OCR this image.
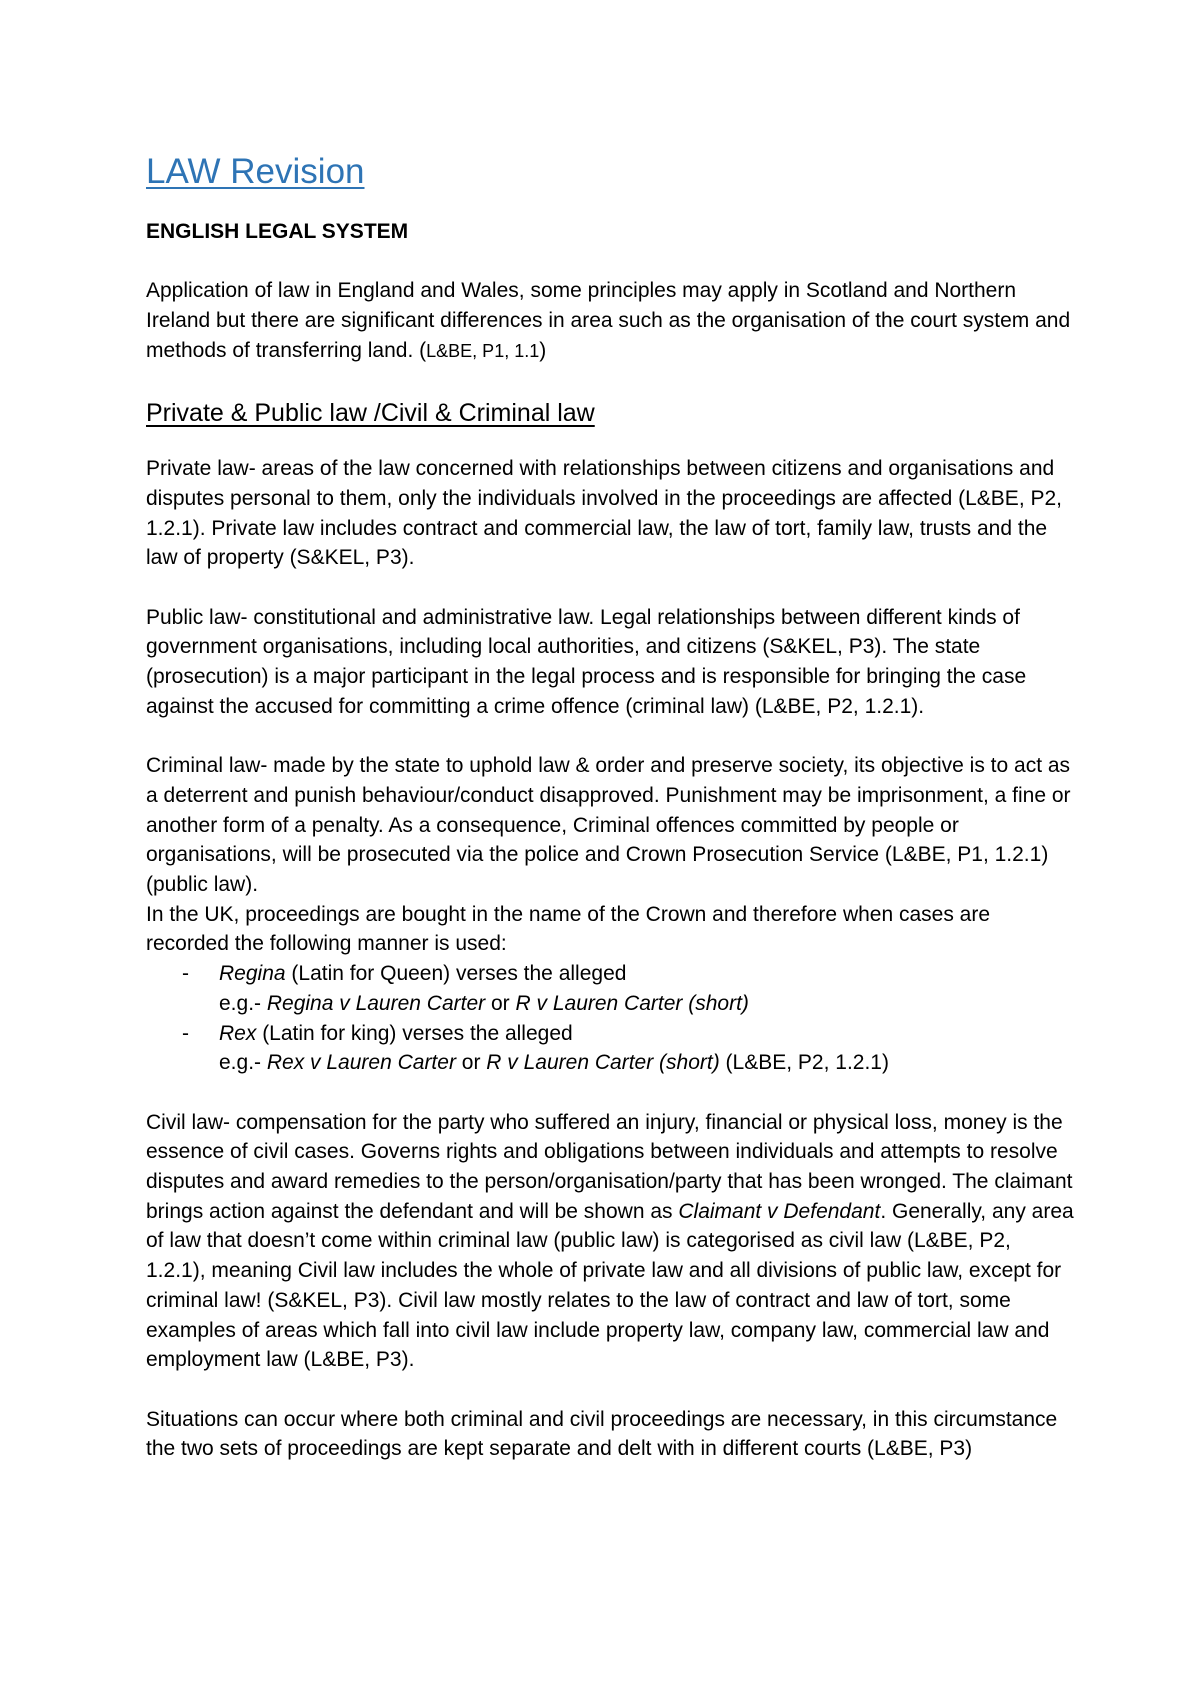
LAW Revision
ENGLISH LEGAL SYSTEM

Application of law in England and Wales, some principles may apply in Scotland and Northern Ireland but there are significant differences in area such as the organisation of the court system and methods of transferring land. (L&BE, P1, 1.1)

Private & Public law /Civil & Criminal law

Private law- areas of the law concerned with relationships between citizens and organisations and disputes personal to them, only the individuals involved in the proceedings are affected (L&BE, P2, 1.2.1). Private law includes contract and commercial law, the law of tort, family law, trusts and the law of property (S&KEL, P3).

Public law- constitutional and administrative law. Legal relationships between different kinds of government organisations, including local authorities, and citizens (S&KEL, P3). The state (prosecution) is a major participant in the legal process and is responsible for bringing the case against the accused for committing a crime offence (criminal law) (L&BE, P2, 1.2.1).

Criminal law- made by the state to uphold law & order and preserve society, its objective is to act as a deterrent and punish behaviour/conduct disapproved. Punishment may be imprisonment, a fine or another form of a penalty. As a consequence, Criminal offences committed by people or organisations, will be prosecuted via the police and Crown Prosecution Service (L&BE, P1, 1.2.1) (public law).

In the UK, proceedings are bought in the name of the Crown and therefore when cases are recorded the following manner is used:

- Regina (Latin for Queen) verses the alleged
e.g.- Regina v Lauren Carter or R v Lauren Carter (short)
- Rex (Latin for king) verses the alleged
e.g.- Rex v Lauren Carter or R v Lauren Carter (short) (L&BE, P2, 1.2.1)

Civil law- compensation for the party who suffered an injury, financial or physical loss, money is the essence of civil cases. Governs rights and obligations between individuals and attempts to resolve disputes and award remedies to the person/organisation/party that has been wronged. The claimant brings action against the defendant and will be shown as Claimant v Defendant. Generally, any area of law that doesn’t come within criminal law (public law) is categorised as civil law (L&BE, P2, 1.2.1), meaning Civil law includes the whole of private law and all divisions of public law, except for criminal law! (S&KEL, P3). Civil law mostly relates to the law of contract and law of tort, some examples of areas which fall into civil law include property law, company law, commercial law and employment law (L&BE, P3).

Situations can occur where both criminal and civil proceedings are necessary, in this circumstance the two sets of proceedings are kept separate and delt with in different courts (L&BE, P3)
